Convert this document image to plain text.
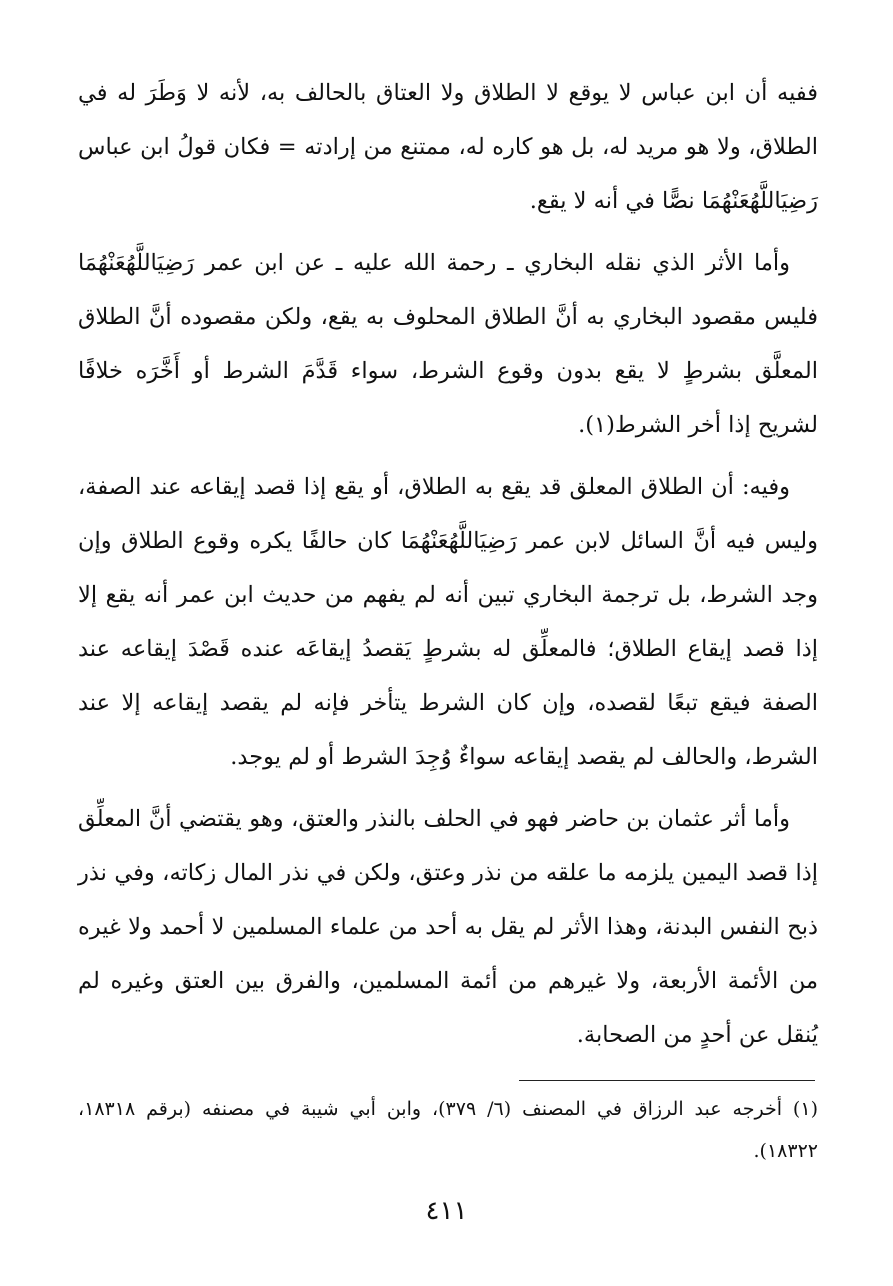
ففيه أن ابن عباس لا يوقع لا الطلاق ولا العتاق بالحالف به، لأنه لا وَطَرَ له في الطلاق، ولا هو مريد له، بل هو كاره له، ممتنع من إرادته = فكان قولُ ابن عباس رَضِيَاللَّهُعَنْهُمَا نصًّا في أنه لا يقع.

وأما الأثر الذي نقله البخاري ـ رحمة الله عليه ـ عن ابن عمر رَضِيَاللَّهُعَنْهُمَا فليس مقصود البخاري به أنَّ الطلاق المحلوف به يقع، ولكن مقصوده أنَّ الطلاق المعلَّق بشرطٍ لا يقع بدون وقوع الشرط، سواء قَدَّمَ الشرط أو أَخَّرَه خلافًا لشريح إذا أخر الشرط(١).

وفيه: أن الطلاق المعلق قد يقع به الطلاق، أو يقع إذا قصد إيقاعه عند الصفة، وليس فيه أنَّ السائل لابن عمر رَضِيَاللَّهُعَنْهُمَا كان حالفًا يكره وقوع الطلاق وإن وجد الشرط، بل ترجمة البخاري تبين أنه لم يفهم من حديث ابن عمر أنه يقع إلا إذا قصد إيقاع الطلاق؛ فالمعلِّق له بشرطٍ يَقصدُ إيقاعَه عنده قَصْدَ إيقاعه عند الصفة فيقع تبعًا لقصده، وإن كان الشرط يتأخر فإنه لم يقصد إيقاعه إلا عند الشرط، والحالف لم يقصد إيقاعه سواءٌ وُجِدَ الشرط أو لم يوجد.

وأما أثر عثمان بن حاضر فهو في الحلف بالنذر والعتق، وهو يقتضي أنَّ المعلِّق إذا قصد اليمين يلزمه ما علقه من نذر وعتق، ولكن في نذر المال زكاته، وفي نذر ذبح النفس البدنة، وهذا الأثر لم يقل به أحد من علماء المسلمين لا أحمد ولا غيره من الأئمة الأربعة، ولا غيرهم من أئمة المسلمين، والفرق بين العتق وغيره لم يُنقل عن أحدٍ من الصحابة.

(١) أخرجه عبد الرزاق في المصنف (٦/ ٣٧٩)، وابن أبي شيبة في مصنفه (برقم ١٨٣١٨، ١٨٣٢٢).
٤١١
